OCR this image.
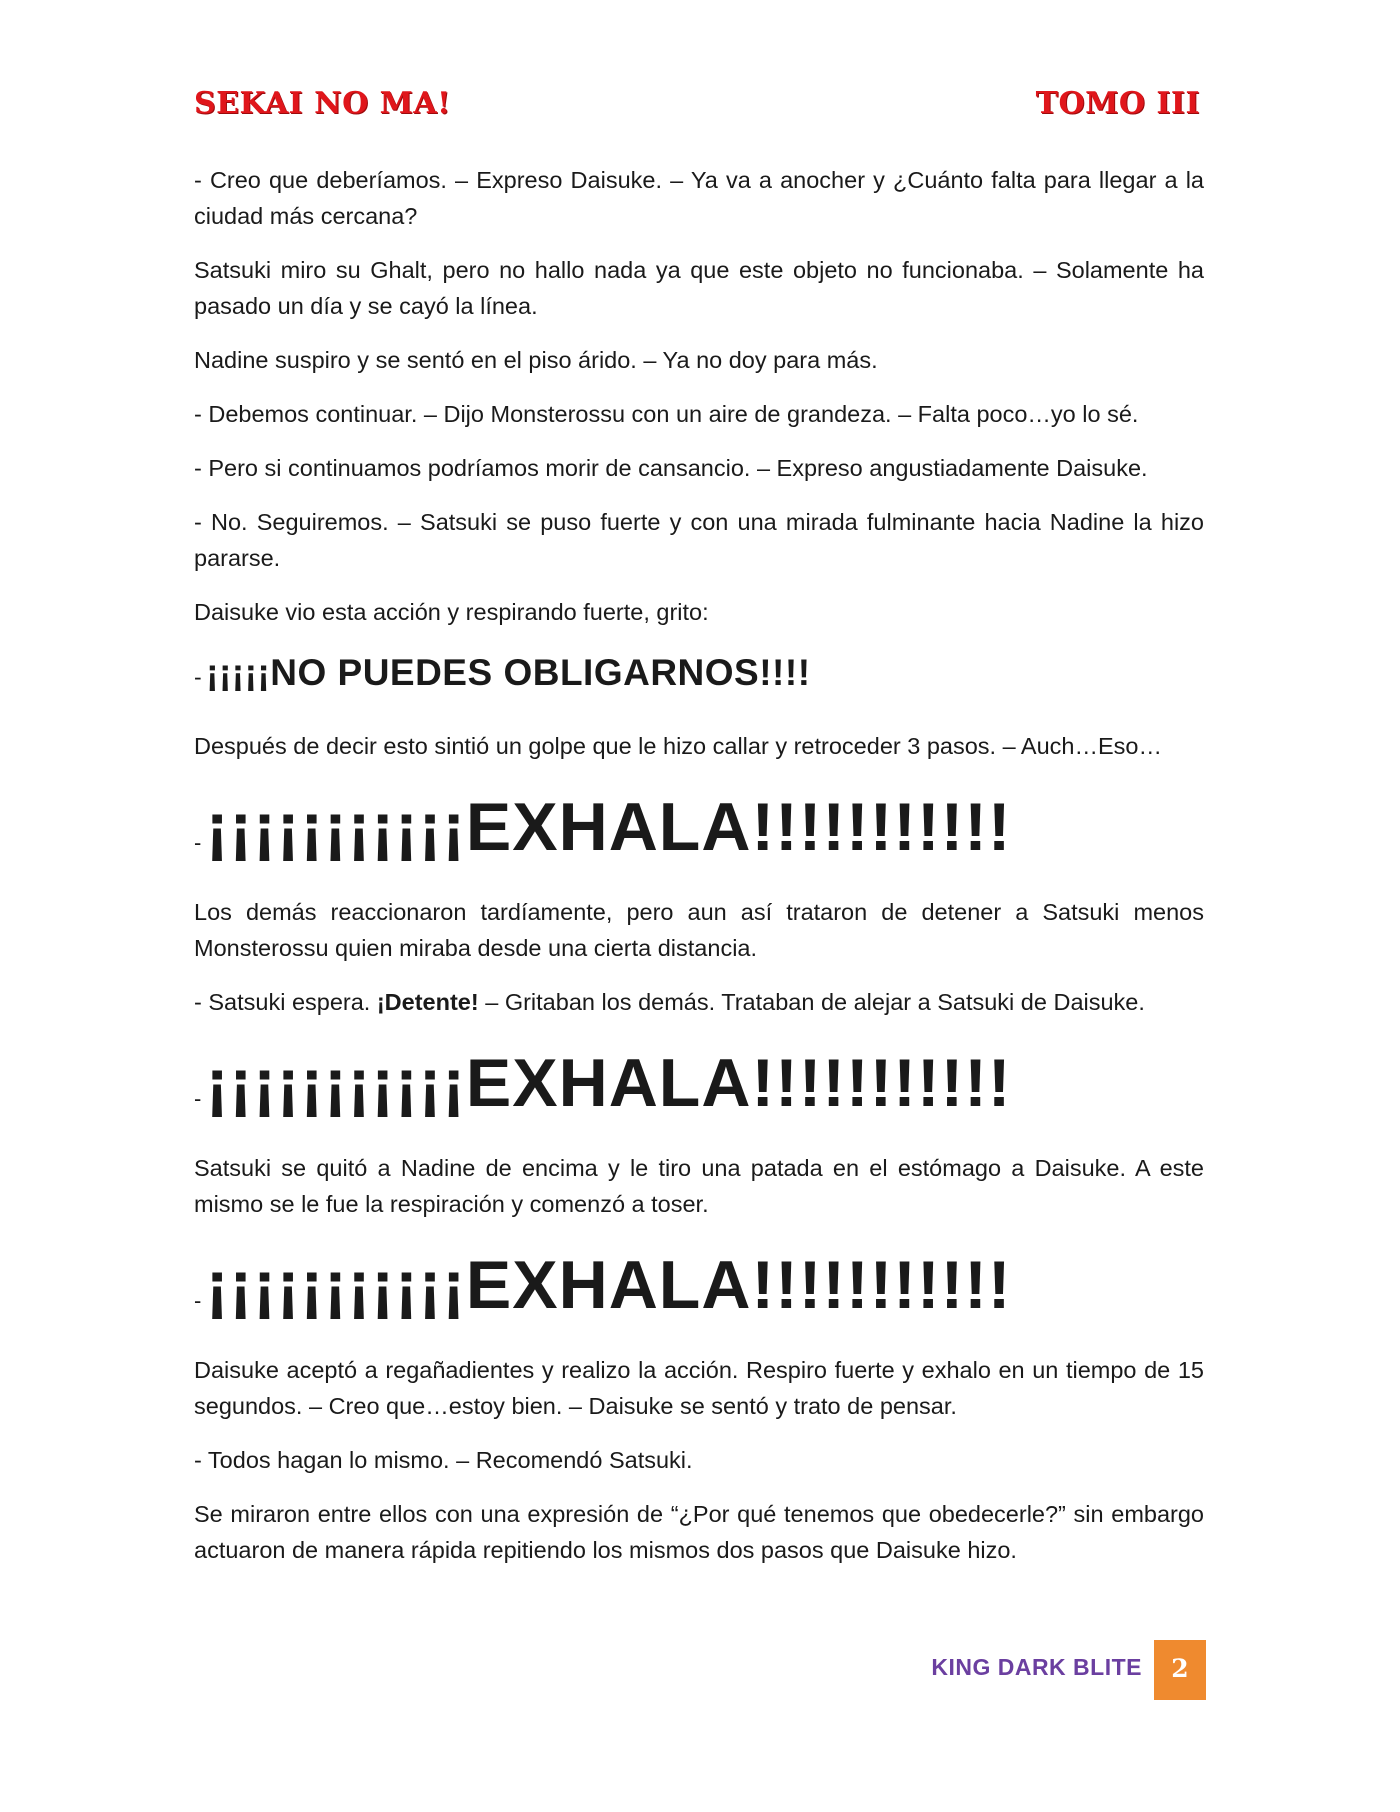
SEKAI NO MA!	TOMO III

- Creo que deberíamos. – Expreso Daisuke. – Ya va a anocher y ¿Cuánto falta para llegar a la ciudad más cercana?

Satsuki miro su Ghalt, pero no hallo nada ya que este objeto no funcionaba. – Solamente ha pasado un día y se cayó la línea.

Nadine suspiro y se sentó en el piso árido. – Ya no doy para más.

- Debemos continuar. – Dijo Monsterossu con un aire de grandeza. – Falta poco…yo lo sé.

- Pero si continuamos podríamos morir de cansancio. – Expreso angustiadamente Daisuke.

- No. Seguiremos. – Satsuki se puso fuerte y con una mirada fulminante hacia Nadine la hizo pararse.

Daisuke vio esta acción y respirando fuerte, grito:

- ¡¡¡¡¡NO PUEDES OBLIGARNOS!!!!

Después de decir esto sintió un golpe que le hizo callar y retroceder 3 pasos. – Auch…Eso…

- ¡¡¡¡¡¡¡¡¡¡¡EXHALA!!!!!!!!!!!

Los demás reaccionaron tardíamente, pero aun así trataron de detener a Satsuki menos Monsterossu quien miraba desde una cierta distancia.

- Satsuki espera. ¡Detente! – Gritaban los demás. Trataban de alejar a Satsuki de Daisuke.

- ¡¡¡¡¡¡¡¡¡¡¡EXHALA!!!!!!!!!!!

Satsuki se quitó a Nadine de encima y le tiro una patada en el estómago a Daisuke. A este mismo se le fue la respiración y comenzó a toser.

- ¡¡¡¡¡¡¡¡¡¡¡EXHALA!!!!!!!!!!!

Daisuke aceptó a regañadientes y realizo la acción. Respiro fuerte y exhalo en un tiempo de 15 segundos. – Creo que…estoy bien. – Daisuke se sentó y trato de pensar.

- Todos hagan lo mismo. – Recomendó Satsuki.

Se miraron entre ellos con una expresión de “¿Por qué tenemos que obedecerle?” sin embargo actuaron de manera rápida repitiendo los mismos dos pasos que Daisuke hizo.

KING DARK BLITE	2
